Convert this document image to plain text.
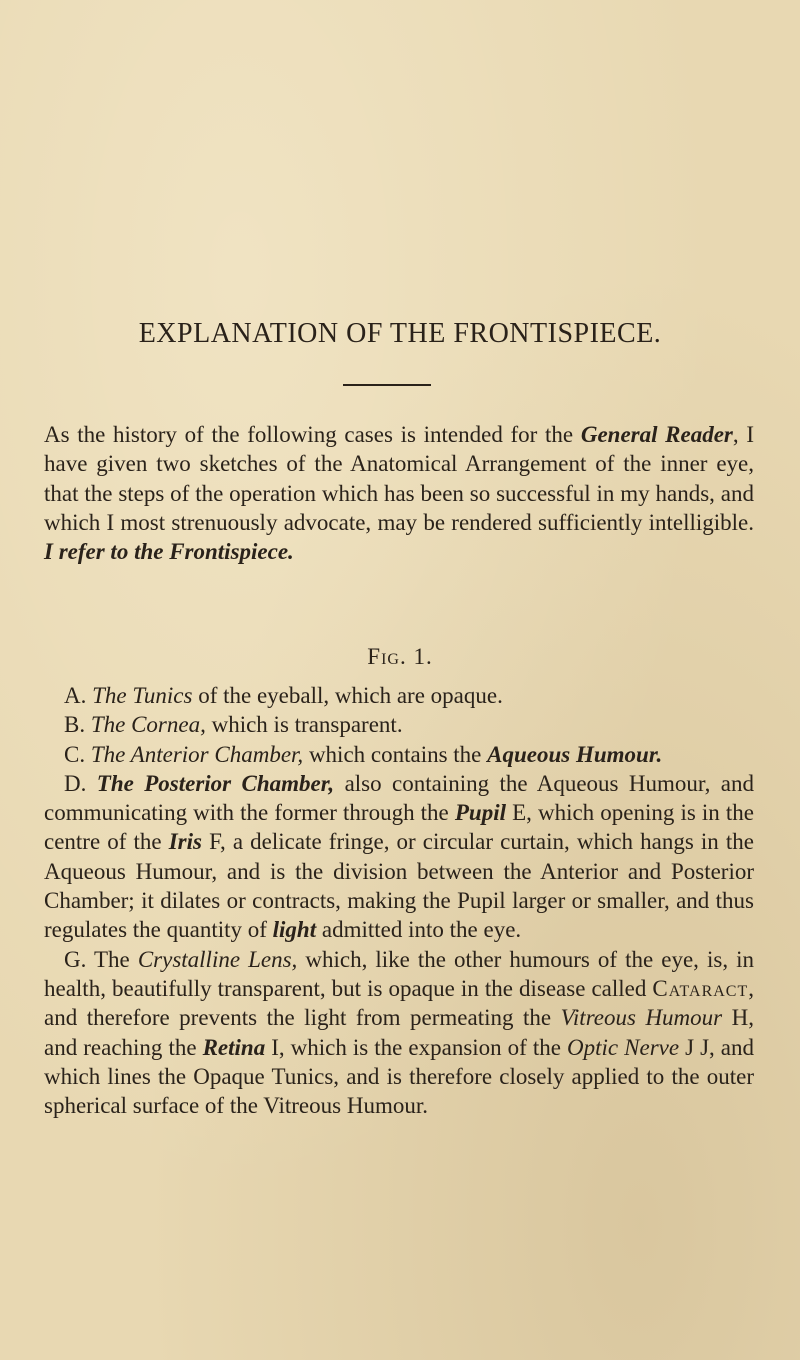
EXPLANATION OF THE FRONTISPIECE.

As the history of the following cases is intended for the General Reader, I have given two sketches of the Anatomical Arrangement of the inner eye, that the steps of the operation which has been so successful in my hands, and which I most strenuously advocate, may be rendered sufficiently intelligible. I refer to the Frontispiece.

Fig. 1.

A. The Tunics of the eyeball, which are opaque.

B. The Cornea, which is transparent.

C. The Anterior Chamber, which contains the Aqueous Humour.

D. The Posterior Chamber, also containing the Aqueous Humour, and communicating with the former through the Pupil E, which opening is in the centre of the Iris F, a delicate fringe, or circular curtain, which hangs in the Aqueous Humour, and is the division between the Anterior and Posterior Chamber; it dilates or contracts, making the Pupil larger or smaller, and thus regulates the quantity of light admitted into the eye.

G. The Crystalline Lens, which, like the other humours of the eye, is, in health, beautifully transparent, but is opaque in the disease called Cataract, and therefore prevents the light from permeating the Vitreous Humour H, and reaching the Retina I, which is the expansion of the Optic Nerve J J, and which lines the Opaque Tunics, and is therefore closely applied to the outer spherical surface of the Vitreous Humour.
